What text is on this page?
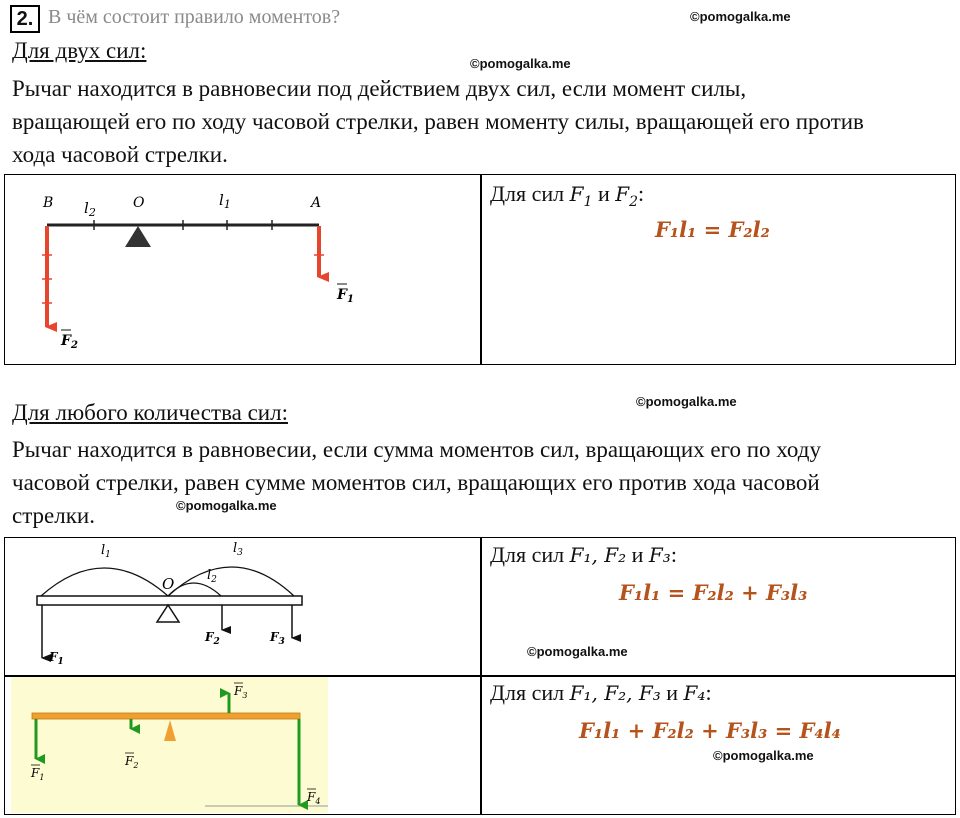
2. В чём состоит правило моментов?	©pomogalka.me
Для двух сил:
©pomogalka.me
Рычаг находится в равновесии под действием двух сил, если момент силы,
вращающей его по ходу часовой стрелки, равен моменту силы, вращающей его против
хода часовой стрелки.
B $l_2$
O	$l_1$	A
$F_1$
$F_2$
Для сил $F_1$ и $F_2$:
F₁l₁ = F₂l₂
Для любого количества сил:	©pomogalka.me
Рычаг находится в равновесии, если сумма моментов сил, вращающих его по ходу
часовой стрелки, равен сумме моментов сил, вращающих его против хода часовой
стрелки.	©pomogalka.me
$l_1$	$l_3$
O	$l_2$
$F_1$
$F_2$	$F_3$
Для сил F₁, F₂ и F₃:
F₁l₁ = F₂l₂ + F₃l₃
©pomogalka.me
$F_1$
$F_2$
$F_3$
$F_4$
Для сил F₁, F₂, F₃ и F₄:
F₁l₁ + F₂l₂ + F₃l₃ = F₄l₄
©pomogalka.me
